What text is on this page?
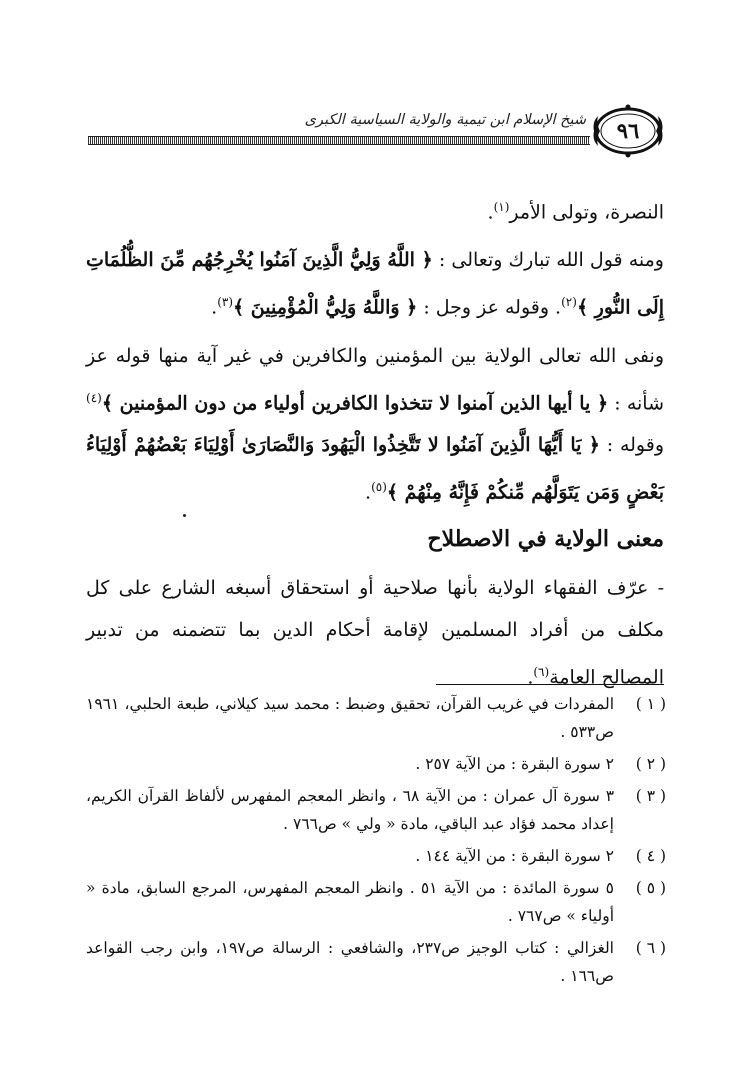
شيخ الإسلام ابن تيمية والولاية السياسية الكبرى	٩٦

النصرة، وتولى الأمر$^{(١)}$.

ومنه قول الله تبارك وتعالى : ﴿ اللَّهُ وَلِيُّ الَّذِينَ آمَنُوا يُخْرِجُهُم مِّنَ الظُّلُمَاتِ إِلَى النُّورِ ﴾$^{(٢)}$. وقوله عز وجل : ﴿ وَاللَّهُ وَلِيُّ الْمُؤْمِنِينَ ﴾$^{(٣)}$.

ونفى الله تعالى الولاية بين المؤمنين والكافرين في غير آية منها قوله عز شأنه : ﴿ يا أيها الذين آمنوا لا تتخذوا الكافرين أولياء من دون المؤمنين ﴾$^{(٤)}$ وقوله : ﴿ يَا أَيُّهَا الَّذِينَ آمَنُوا لا تَتَّخِذُوا الْيَهُودَ وَالنَّصَارَىٰ أَوْلِيَاءَ بَعْضُهُمْ أَوْلِيَاءُ بَعْضٍ وَمَن يَتَوَلَّهُم مِّنكُمْ فَإِنَّهُ مِنْهُمْ ﴾$^{(٥)}$.

معنى الولاية في الاصطلاح

- عرّف الفقهاء الولاية بأنها صلاحية أو استحقاق أسبغه الشارع على كل مكلف من أفراد المسلمين لإقامة أحكام الدين بما تتضمنه من تدبير المصالح العامة$^{(٦)}$.

( ١ )
المفردات في غريب القرآن، تحقيق وضبط : محمد سيد كيلاني، طبعة الحلبي، ١٩٦١ ص٥٣٣ .
( ٢ )
٢ سورة البقرة : من الآية ٢٥٧ .
( ٣ )
٣ سورة آل عمران : من الآية ٦٨ ، وانظر المعجم المفهرس لألفاظ القرآن الكريم، إعداد محمد فؤاد عبد الباقي، مادة « ولي » ص٧٦٦ .
( ٤ )
٢ سورة البقرة : من الآية ١٤٤ .
( ٥ )
٥ سورة المائدة : من الآية ٥١ . وانظر المعجم المفهرس، المرجع السابق، مادة « أولياء » ص٧٦٧ .
( ٦ )
الغزالي : كتاب الوجيز ص٢٣٧، والشافعي : الرسالة ص١٩٧، وابن رجب القواعد ص١٦٦ .
